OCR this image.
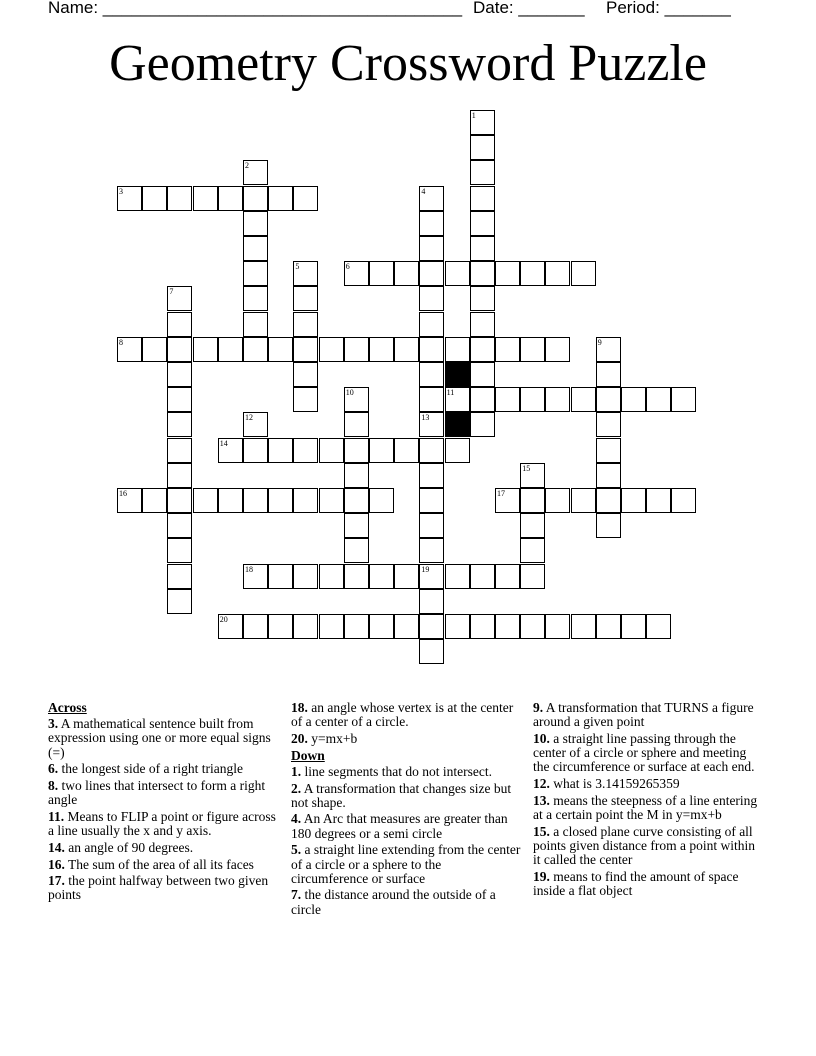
Name: ______________________________________ Date: _______ Period: _______
Geometry Crossword Puzzle
1
2
3	4
5	6
7
8	9
10	11
12	13
14
15
16	17
18	19
20
Across
3. A mathematical sentence built from expression using one or more equal signs (=)
6. the longest side of a right triangle
8. two lines that intersect to form a right angle
11. Means to FLIP a point or figure across a line usually the x and y axis.
14. an angle of 90 degrees.
16. The sum of the area of all its faces
17. the point halfway between two given points
18. an angle whose vertex is at the center of a center of a circle.
20. y=mx+b
Down
1. line segments that do not intersect.
2. A transformation that changes size but not shape.
4. An Arc that measures are greater than 180 degrees or a semi circle
5. a straight line extending from the center of a circle or a sphere to the circumference or surface
7. the distance around the outside of a circle
9. A transformation that TURNS a figure around a given point
10. a straight line passing through the center of a circle or sphere and meeting the circumference or surface at each end.
12. what is 3.14159265359
13. means the steepness of a line entering at a certain point the M in y=mx+b
15. a closed plane curve consisting of all points given distance from a point within it called the center
19. means to find the amount of space inside a flat object
